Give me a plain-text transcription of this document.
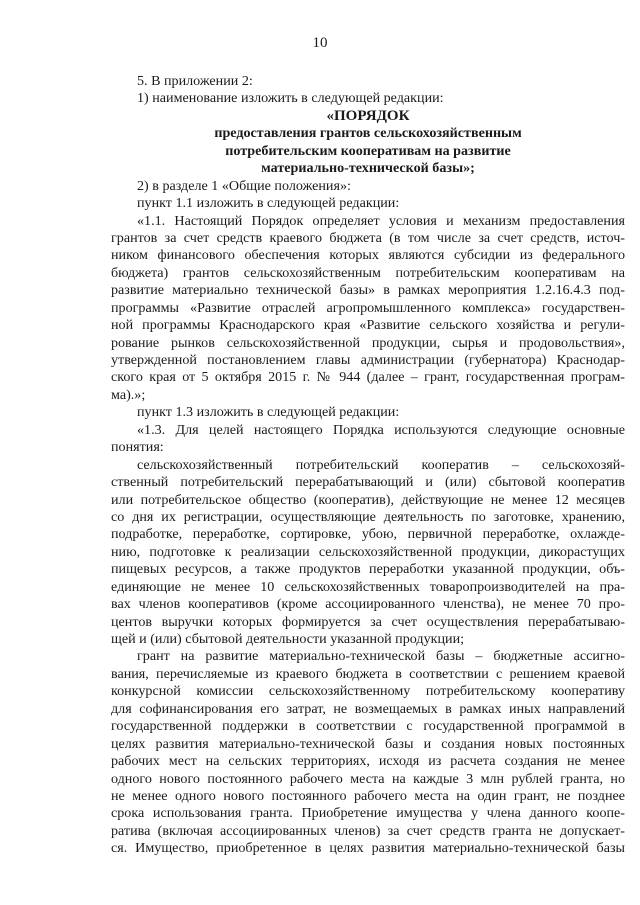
10
5. В приложении 2:
1) наименование изложить в следующей редакции:
«ПОРЯДОК
предоставления грантов сельскохозяйственным
потребительским кооперативам на развитие
материально-технической базы»;
2) в разделе 1 «Общие положения»:
пункт 1.1 изложить в следующей редакции:
«1.1. Настоящий Порядок определяет условия и механизм предоставления
грантов за счет средств краевого бюджета (в том числе за счет средств, источ-
ником финансового обеспечения которых являются субсидии из федерального
бюджета) грантов сельскохозяйственным потребительским кооперативам на
развитие материально технической базы» в рамках мероприятия 1.2.16.4.3 под-
программы «Развитие отраслей агропромышленного комплекса» государствен-
ной программы Краснодарского края «Развитие сельского хозяйства и регули-
рование рынков сельскохозяйственной продукции, сырья и продовольствия»,
утвержденной постановлением главы администрации (губернатора) Краснодар-
ского края от 5 октября 2015 г. № 944 (далее – грант, государственная програм-
ма).»;
пункт 1.3 изложить в следующей редакции:
«1.3. Для целей настоящего Порядка используются следующие основные
понятия:
сельскохозяйственный потребительский кооператив – сельскохозяй-
ственный потребительский перерабатывающий и (или) сбытовой кооператив
или потребительское общество (кооператив), действующие не менее 12 месяцев
со дня их регистрации, осуществляющие деятельность по заготовке, хранению,
подработке, переработке, сортировке, убою, первичной переработке, охлажде-
нию, подготовке к реализации сельскохозяйственной продукции, дикорастущих
пищевых ресурсов, а также продуктов переработки указанной продукции, объ-
единяющие не менее 10 сельскохозяйственных товаропроизводителей на пра-
вах членов кооперативов (кроме ассоциированного членства), не менее 70 про-
центов выручки которых формируется за счет осуществления перерабатываю-
щей и (или) сбытовой деятельности указанной продукции;
грант на развитие материально-технической базы – бюджетные ассигно-
вания, перечисляемые из краевого бюджета в соответствии с решением краевой
конкурсной комиссии сельскохозяйственному потребительскому кооперативу
для софинансирования его затрат, не возмещаемых в рамках иных направлений
государственной поддержки в соответствии с государственной программой в
целях развития материально-технической базы и создания новых постоянных
рабочих мест на сельских территориях, исходя из расчета создания не менее
одного нового постоянного рабочего места на каждые 3 млн рублей гранта, но
не менее одного нового постоянного рабочего места на один грант, не позднее
срока использования гранта. Приобретение имущества у члена данного коопе-
ратива (включая ассоциированных членов) за счет средств гранта не допускает-
ся. Имущество, приобретенное в целях развития материально-технической базы
